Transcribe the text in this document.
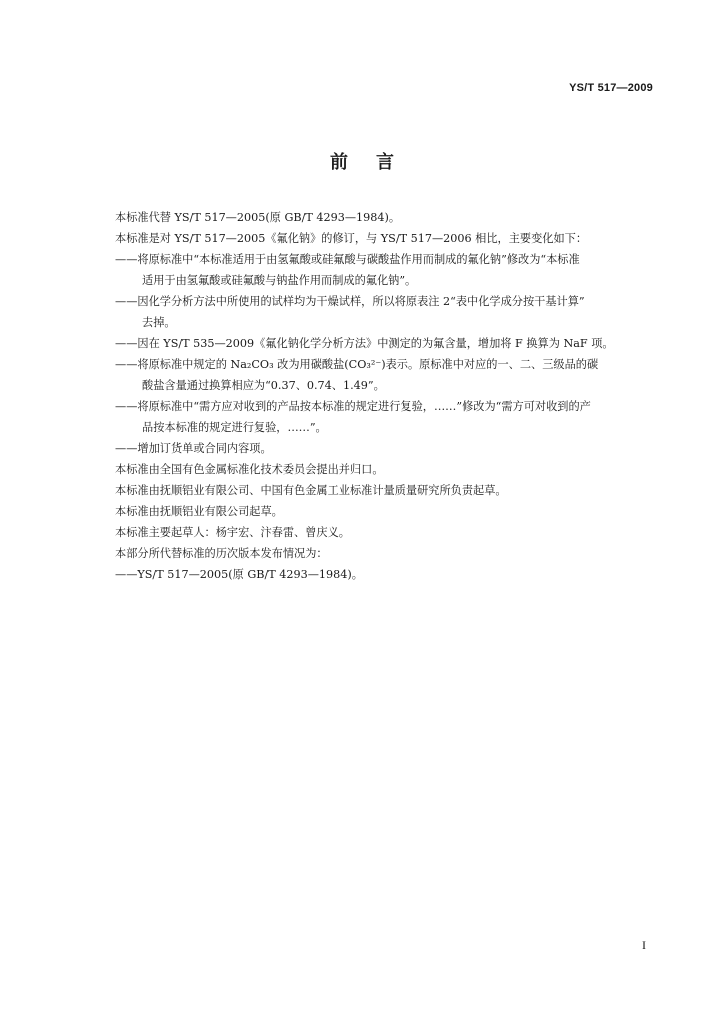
YS/T 517—2009
前言
本标准代替 YS/T 517—2005(原 GB/T 4293—1984)。
本标准是对 YS/T 517—2005《氟化钠》的修订，与 YS/T 517—2006 相比，主要变化如下：
——将原标准中“本标准适用于由氢氟酸或硅氟酸与碳酸盐作用而制成的氟化钠”修改为“本标准
适用于由氢氟酸或硅氟酸与钠盐作用而制成的氟化钠”。
——因化学分析方法中所使用的试样均为干燥试样，所以将原表注 2“表中化学成分按干基计算”
去掉。
——因在 YS/T 535—2009《氟化钠化学分析方法》中测定的为氟含量，增加将 F 换算为 NaF 项。
——将原标准中规定的 Na₂CO₃ 改为用碳酸盐(CO₃²⁻)表示。原标准中对应的一、二、三级品的碳
酸盐含量通过换算相应为“0.37、0.74、1.49”。
——将原标准中“需方应对收到的产品按本标准的规定进行复验，……”修改为“需方可对收到的产
品按本标准的规定进行复验，……”。
——增加订货单或合同内容项。
本标准由全国有色金属标准化技术委员会提出并归口。
本标准由抚顺铝业有限公司、中国有色金属工业标准计量质量研究所负责起草。
本标准由抚顺铝业有限公司起草。
本标准主要起草人：杨宇宏、汴春雷、曾庆义。
本部分所代替标准的历次版本发布情况为：
——YS/T 517—2005(原 GB/T 4293—1984)。
I
